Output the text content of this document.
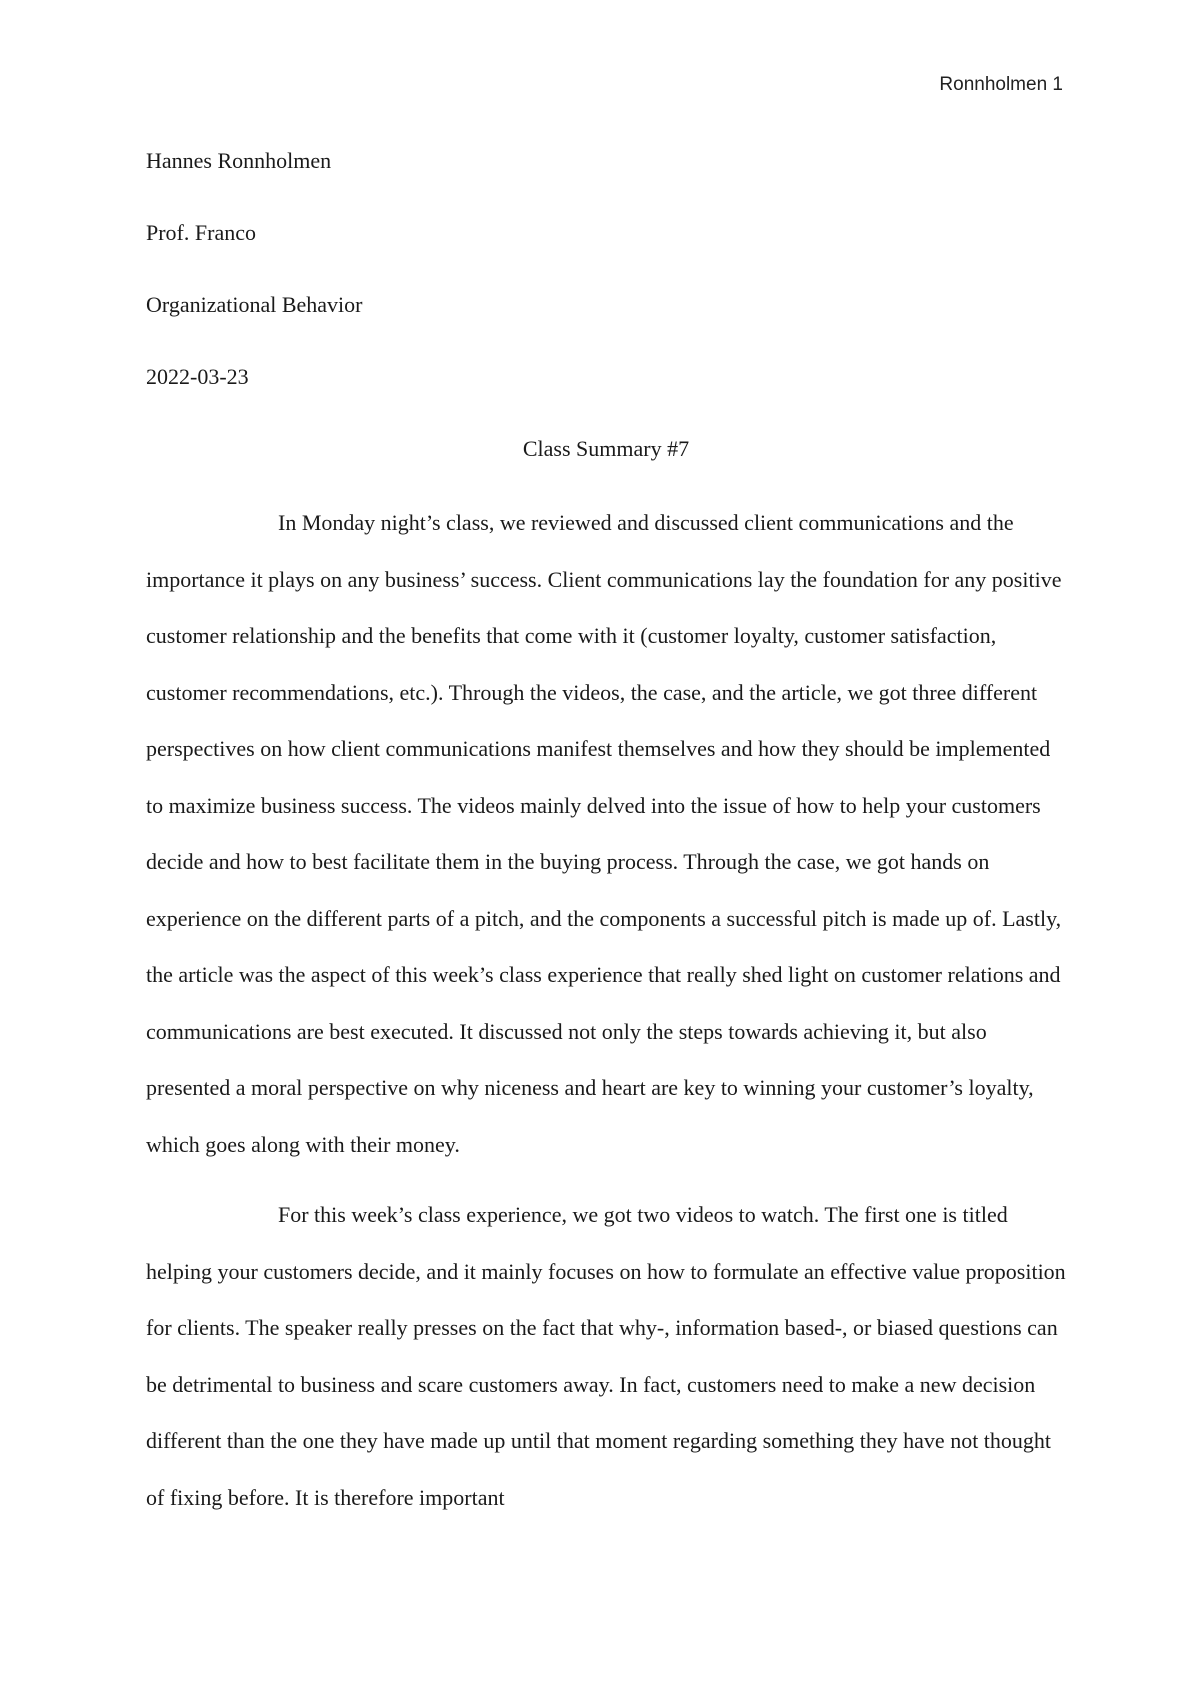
Ronnholmen 1

Hannes Ronnholmen

Prof. Franco

Organizational Behavior

2022-03-23

Class Summary #7

In Monday night’s class, we reviewed and discussed client communications and the importance it plays on any business’ success. Client communications lay the foundation for any positive customer relationship and the benefits that come with it (customer loyalty, customer satisfaction, customer recommendations, etc.). Through the videos, the case, and the article, we got three different perspectives on how client communications manifest themselves and how they should be implemented to maximize business success. The videos mainly delved into the issue of how to help your customers decide and how to best facilitate them in the buying process. Through the case, we got hands on experience on the different parts of a pitch, and the components a successful pitch is made up of. Lastly, the article was the aspect of this week’s class experience that really shed light on customer relations and communications are best executed. It discussed not only the steps towards achieving it, but also presented a moral perspective on why niceness and heart are key to winning your customer’s loyalty, which goes along with their money.

For this week’s class experience, we got two videos to watch. The first one is titled helping your customers decide, and it mainly focuses on how to formulate an effective value proposition for clients. The speaker really presses on the fact that why-, information based-, or biased questions can be detrimental to business and scare customers away. In fact, customers need to make a new decision different than the one they have made up until that moment regarding something they have not thought of fixing before. It is therefore important
